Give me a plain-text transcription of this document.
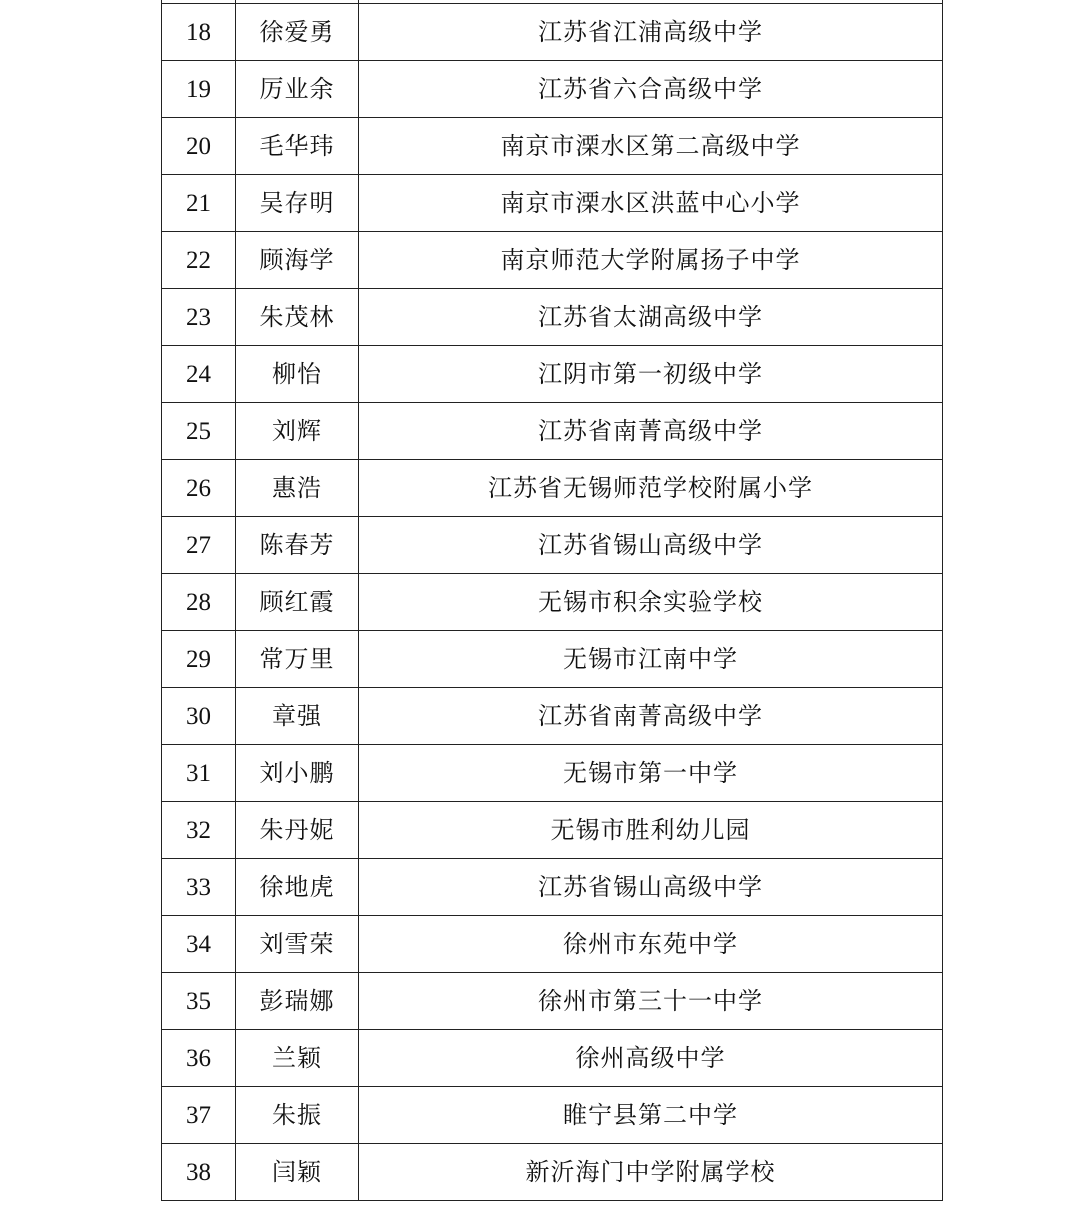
18	徐爱勇	江苏省江浦高级中学
19	厉业余	江苏省六合高级中学
20	毛华玮	南京市溧水区第二高级中学
21	吴存明	南京市溧水区洪蓝中心小学
22	顾海学	南京师范大学附属扬子中学
23	朱茂林	江苏省太湖高级中学
24	柳怡	江阴市第一初级中学
25	刘辉	江苏省南菁高级中学
26	惠浩	江苏省无锡师范学校附属小学
27	陈春芳	江苏省锡山高级中学
28	顾红霞	无锡市积余实验学校
29	常万里	无锡市江南中学
30	章强	江苏省南菁高级中学
31	刘小鹏	无锡市第一中学
32	朱丹妮	无锡市胜利幼儿园
33	徐地虎	江苏省锡山高级中学
34	刘雪荣	徐州市东苑中学
35	彭瑞娜	徐州市第三十一中学
36	兰颖	徐州高级中学
37	朱振	睢宁县第二中学
38	闫颖	新沂海门中学附属学校
